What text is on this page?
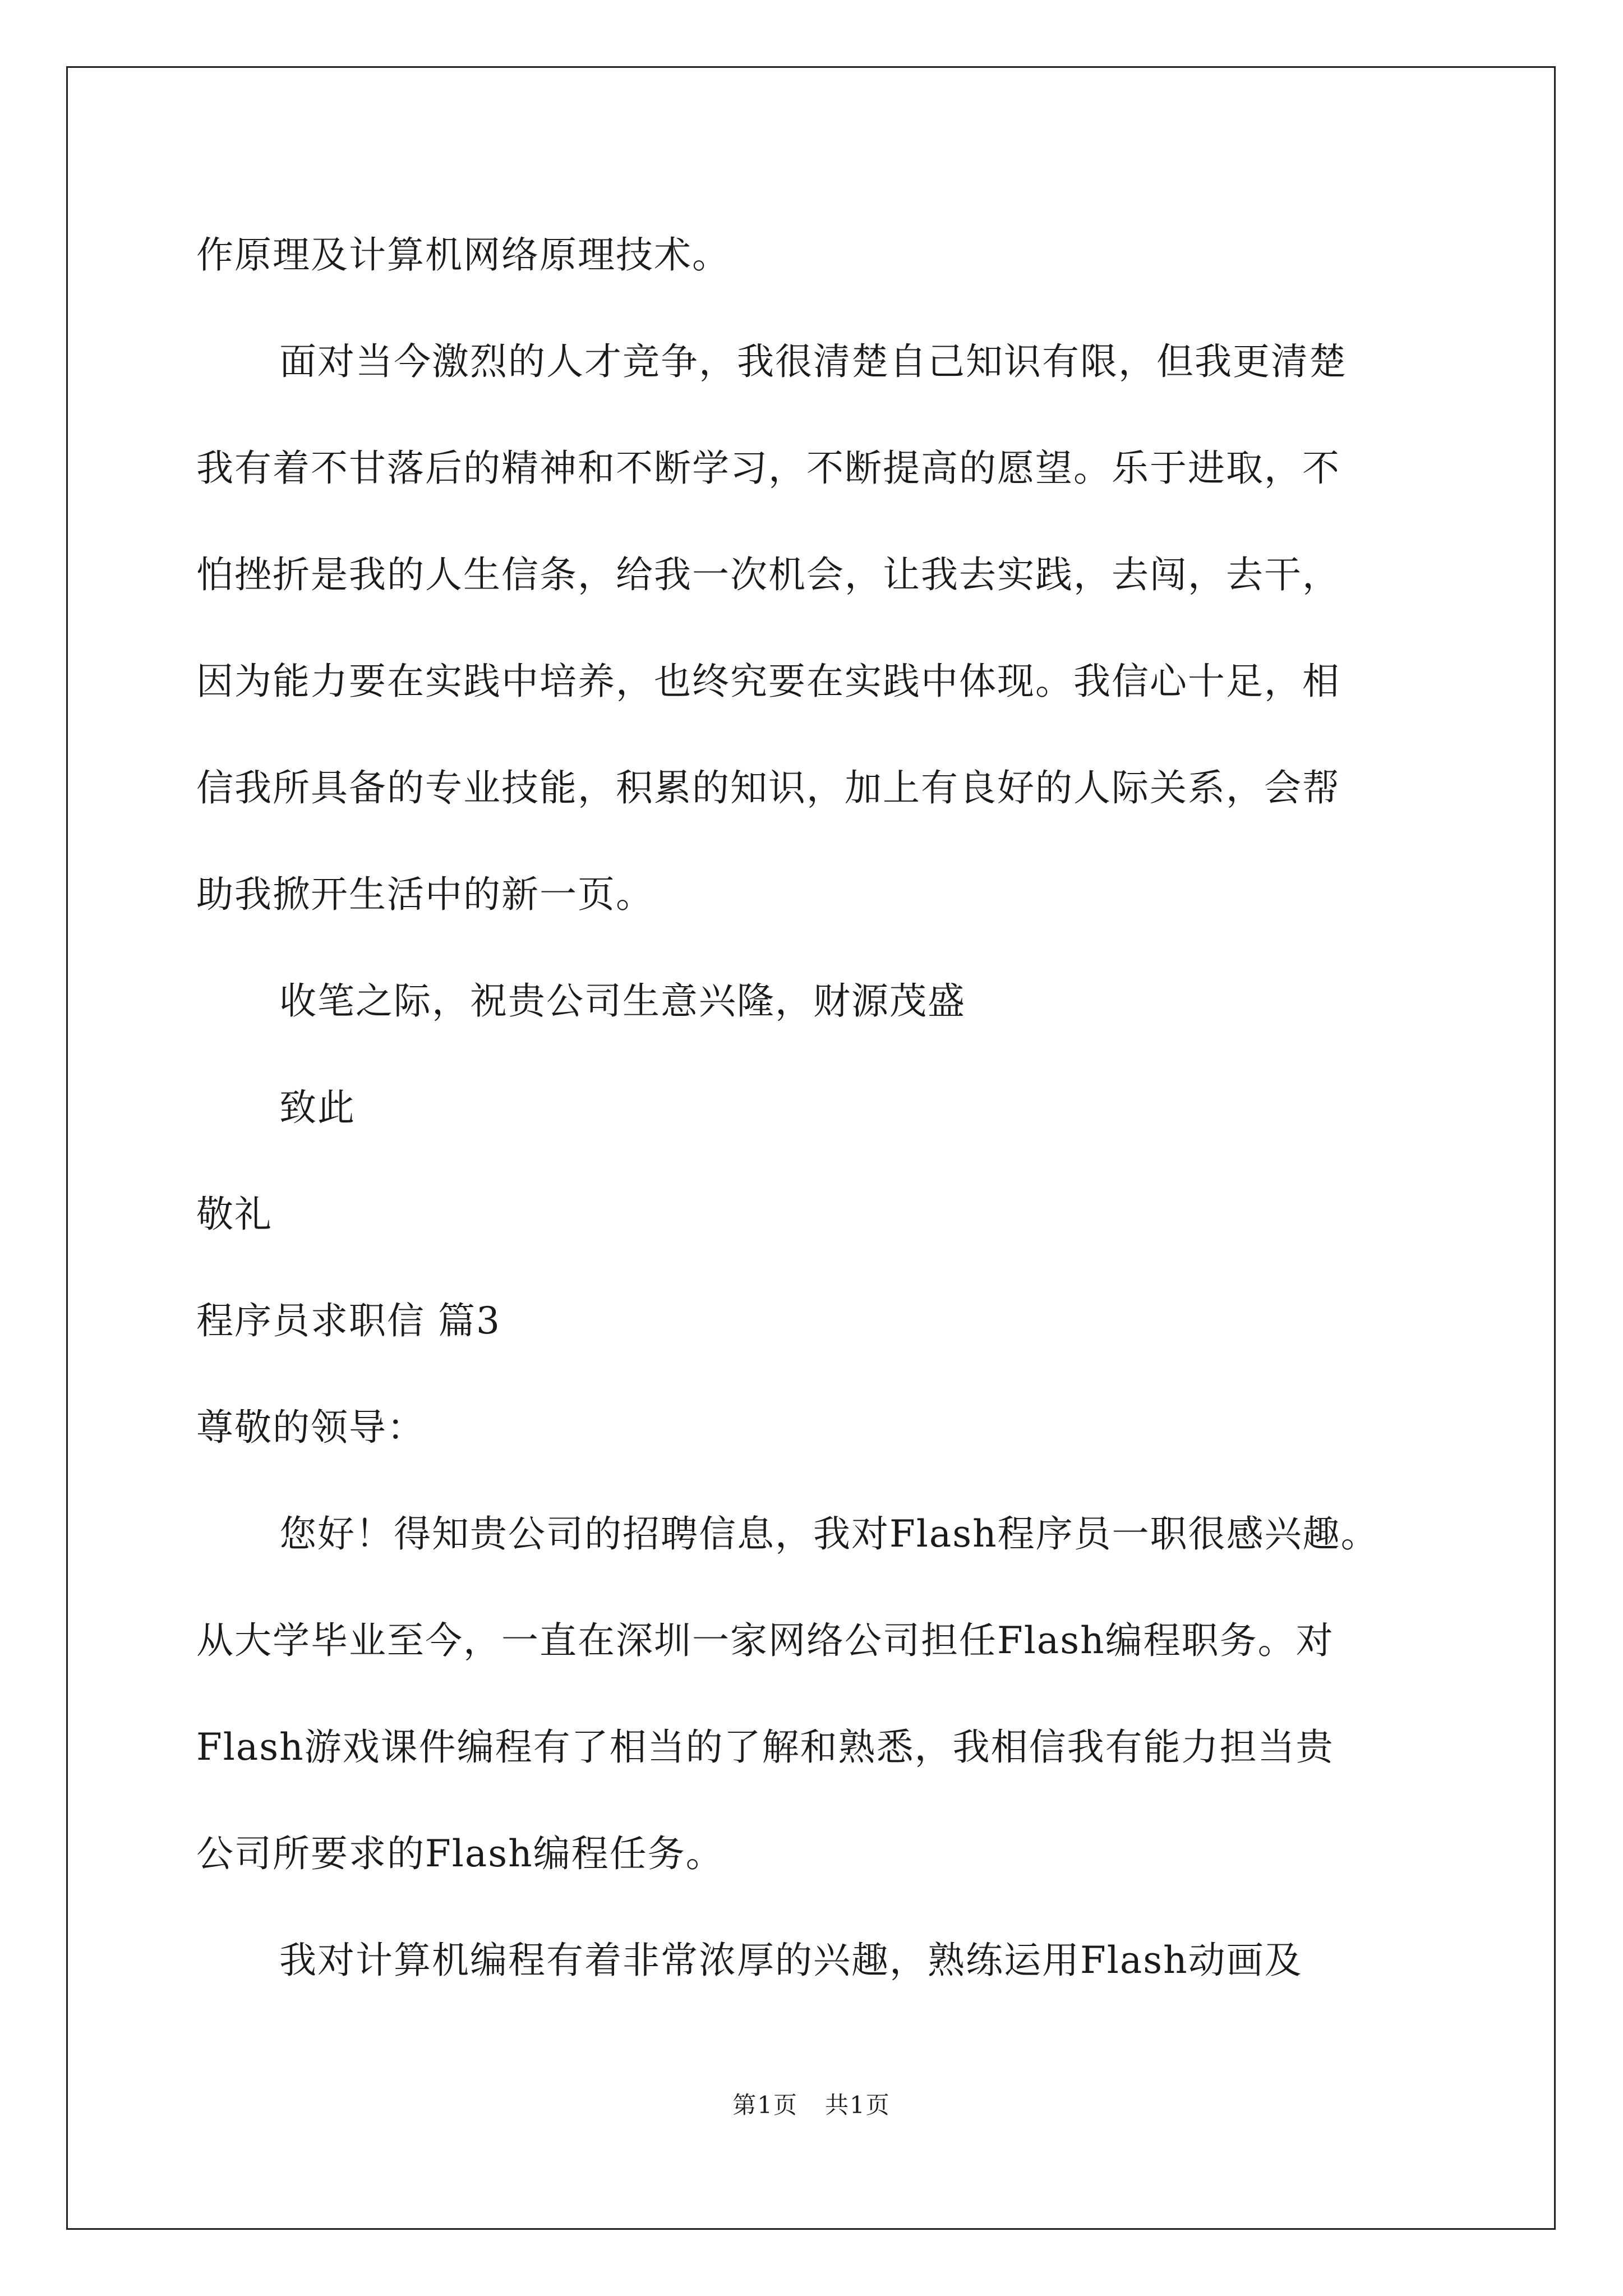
作原理及计算机网络原理技术。
面对当今激烈的人才竞争，我很清楚自己知识有限，但我更清楚
我有着不甘落后的精神和不断学习，不断提高的愿望。乐于进取，不
怕挫折是我的人生信条，给我一次机会，让我去实践，去闯，去干，
因为能力要在实践中培养，也终究要在实践中体现。我信心十足，相
信我所具备的专业技能，积累的知识，加上有良好的人际关系，会帮
助我掀开生活中的新一页。
收笔之际，祝贵公司生意兴隆，财源茂盛
致此
敬礼
程序员求职信 篇3
尊敬的领导：
您好！得知贵公司的招聘信息，我对Flash程序员一职很感兴趣。
从大学毕业至今，一直在深圳一家网络公司担任Flash编程职务。对
Flash游戏课件编程有了相当的了解和熟悉，我相信我有能力担当贵
公司所要求的Flash编程任务。
我对计算机编程有着非常浓厚的兴趣，熟练运用Flash动画及
第1页 共1页
